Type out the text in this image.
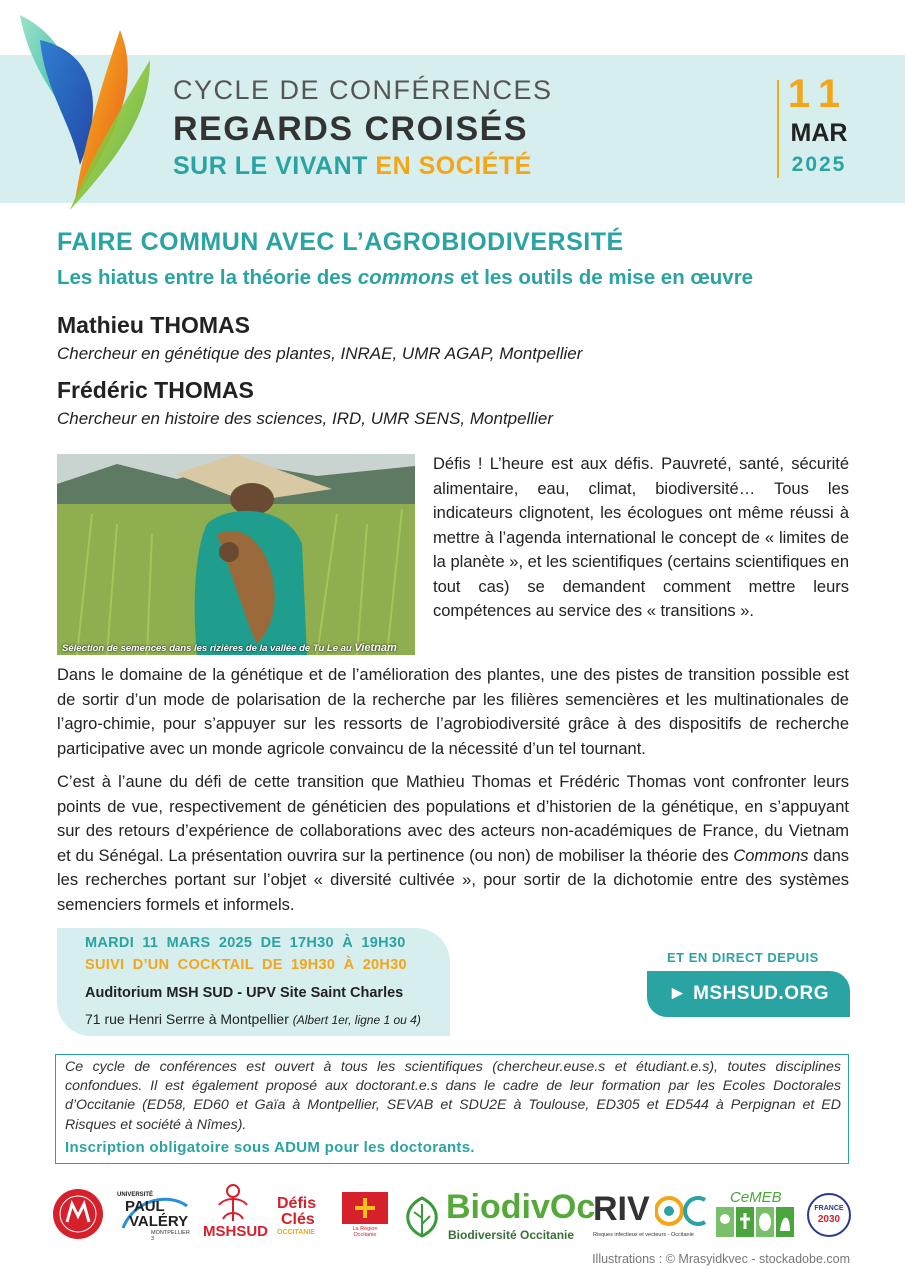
CYCLE DE CONFÉRENCES
REGARDS CROISÉS
SUR LE VIVANT EN SOCIÉTÉ
11
MAR
2025
FAIRE COMMUN AVEC L’AGROBIODIVERSITÉ
Les hiatus entre la théorie des commons et les outils de mise en œuvre
Mathieu THOMAS
Chercheur en génétique des plantes, INRAE, UMR AGAP, Montpellier
Frédéric THOMAS
Chercheur en histoire des sciences, IRD, UMR SENS, Montpellier
Sélection de semences dans les rizières de la vallée de Tu Le au Vietnam
Défis ! L’heure est aux défis. Pauvreté, santé, sécurité alimentaire, eau, climat, biodiversité… Tous les indicateurs clignotent, les écologues ont même réussi à mettre à l’agenda international le concept de « limites de la planète », et les scientifiques (certains scientifiques en tout cas) se demandent comment mettre leurs compétences au service des « transitions ».
Dans le domaine de la génétique et de l’amélioration des plantes, une des pistes de transition possible est de sortir d’un mode de polarisation de la recherche par les filières semencières et les multinationales de l’agro-chimie, pour s’appuyer sur les ressorts de l’agrobiodiversité grâce à des dispositifs de recherche participative avec un monde agricole convaincu de la nécessité d’un tel tournant.
C’est à l’aune du défi de cette transition que Mathieu Thomas et Frédéric Thomas vont confronter leurs points de vue, respectivement de généticien des populations et d’historien de la génétique, en s’appuyant sur des retours d’expérience de collaborations avec des acteurs non-académiques de France, du Vietnam et du Sénégal. La présentation ouvrira sur la pertinence (ou non) de mobiliser la théorie des Commons dans les recherches portant sur l’objet « diversité cultivée », pour sortir de la dichotomie entre des systèmes semenciers formels et informels.
MARDI 11 MARS 2025 DE 17H30 À 19H30
SUIVI D’UN COCKTAIL DE 19H30 À 20H30
Auditorium MSH SUD - UPV Site Saint Charles
71 rue Henri Serrre à Montpellier (Albert 1er, ligne 1 ou 4)
ET EN DIRECT DEPUIS
► MSHSUD.ORG
Ce cycle de conférences est ouvert à tous les scientifiques (chercheur.euse.s et étudiant.e.s), toutes disciplines confondues. Il est également proposé aux doctorant.e.s dans le cadre de leur formation par les Ecoles Doctorales d’Occitanie (ED58, ED60 et Gaïa à Montpellier, SEVAB et SDU2E à Toulouse, ED305 et ED544 à Perpignan et ED Risques et société à Nîmes).
Inscription obligatoire sous ADUM pour les doctorants.
UNIVERSITÉ
PAUL
VALÉRY
MONTPELLIER 3	MSHSUD
Défis
Clés
OCCITANIE	La Région Occitanie
BiodivOc
Biodiversité Occitanie
RIV
Risques infectieux et vecteurs - Occitanie
CeMEB
FRANCE
2030
Illustrations : © Mrasyidkvec - stockadobe.com
